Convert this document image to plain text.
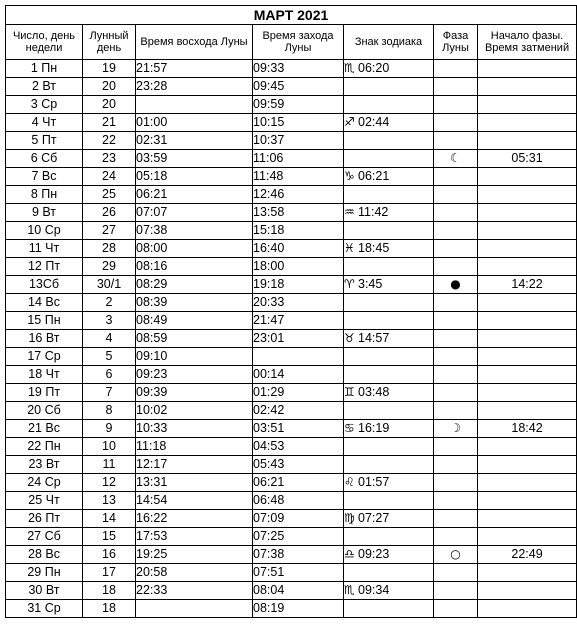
МАРТ 2021						
Число, день недели	Лунный день	Время восхода Луны	Время захода Луны	Знак зодиака	Фаза Луны	Начало фазы. Время затмений
1 Пн	19	21:57	09:33	♏ 06:20		
2 Вт	20	23:28	09:45			
3 Ср	20		09:59			
4 Чт	21	01:00	10:15	♐ 02:44		
5 Пт	22	02:31	10:37			
6 Сб	23	03:59	11:06		☾	05:31
7 Вс	24	05:18	11:48	♑ 06:21		
8 Пн	25	06:21	12:46			
9 Вт	26	07:07	13:58	♒ 11:42		
10 Ср	27	07:38	15:18			
11 Чт	28	08:00	16:40	♓ 18:45		
12 Пт	29	08:16	18:00			
13Сб	30/1	08:29	19:18	♈ 3:45	●	14:22
14 Вс	2	08:39	20:33			
15 Пн	3	08:49	21:47			
16 Вт	4	08:59	23:01	♉ 14:57		
17 Ср	5	09:10				
18 Чт	6	09:23	00:14			
19 Пт	7	09:39	01:29	♊ 03:48		
20 Сб	8	10:02	02:42			
21 Вс	9	10:33	03:51	♋ 16:19	☽	18:42
22 Пн	10	11:18	04:53			
23 Вт	11	12:17	05:43			
24 Ср	12	13:31	06:21	♌ 01:57		
25 Чт	13	14:54	06:48			
26 Пт	14	16:22	07:09	♍ 07:27		
27 Сб	15	17:53	07:25			
28 Вс	16	19:25	07:38	♎ 09:23	○	22:49
29 Пн	17	20:58	07:51			
30 Вт	18	22:33	08:04	♏ 09:34		
31 Ср	18		08:19			
